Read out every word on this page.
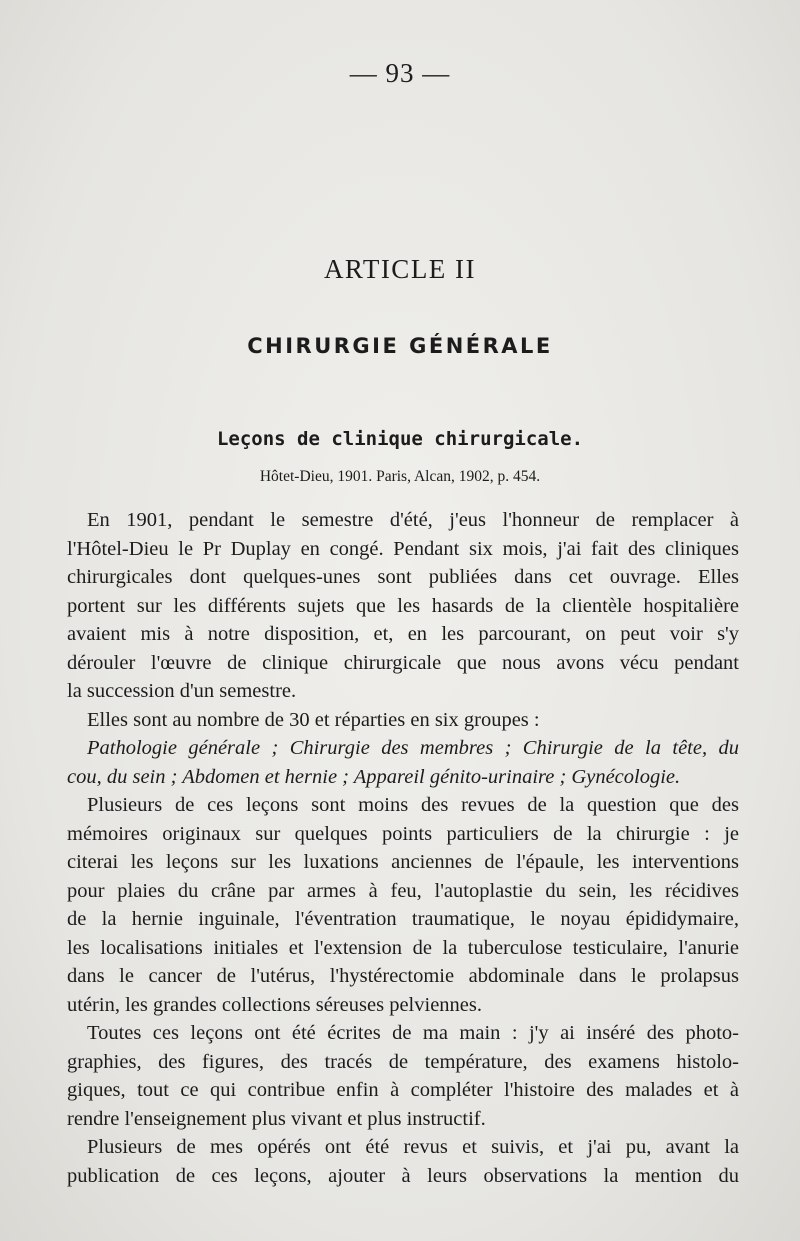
— 93 —
ARTICLE II
CHIRURGIE GÉNÉRALE
Leçons de clinique chirurgicale.
Hôtet-Dieu, 1901. Paris, Alcan, 1902, p. 454.
En 1901, pendant le semestre d'été, j'eus l'honneur de remplacer à
l'Hôtel-Dieu le Pr Duplay en congé. Pendant six mois, j'ai fait des cliniques
chirurgicales dont quelques-unes sont publiées dans cet ouvrage. Elles
portent sur les différents sujets que les hasards de la clientèle hospitalière
avaient mis à notre disposition, et, en les parcourant, on peut voir s'y
dérouler l'œuvre de clinique chirurgicale que nous avons vécu pendant
la succession d'un semestre.
Elles sont au nombre de 30 et réparties en six groupes :
Pathologie générale ; Chirurgie des membres ; Chirurgie de la tête, du
cou, du sein ; Abdomen et hernie ; Appareil génito-urinaire ; Gynécologie.
Plusieurs de ces leçons sont moins des revues de la question que des
mémoires originaux sur quelques points particuliers de la chirurgie : je
citerai les leçons sur les luxations anciennes de l'épaule, les interventions
pour plaies du crâne par armes à feu, l'autoplastie du sein, les récidives
de la hernie inguinale, l'éventration traumatique, le noyau épididymaire,
les localisations initiales et l'extension de la tuberculose testiculaire, l'anurie
dans le cancer de l'utérus, l'hystérectomie abdominale dans le prolapsus
utérin, les grandes collections séreuses pelviennes.
Toutes ces leçons ont été écrites de ma main : j'y ai inséré des photo-
graphies, des figures, des tracés de température, des examens histolo-
giques, tout ce qui contribue enfin à compléter l'histoire des malades et à
rendre l'enseignement plus vivant et plus instructif.
Plusieurs de mes opérés ont été revus et suivis, et j'ai pu, avant la
publication de ces leçons, ajouter à leurs observations la mention du
